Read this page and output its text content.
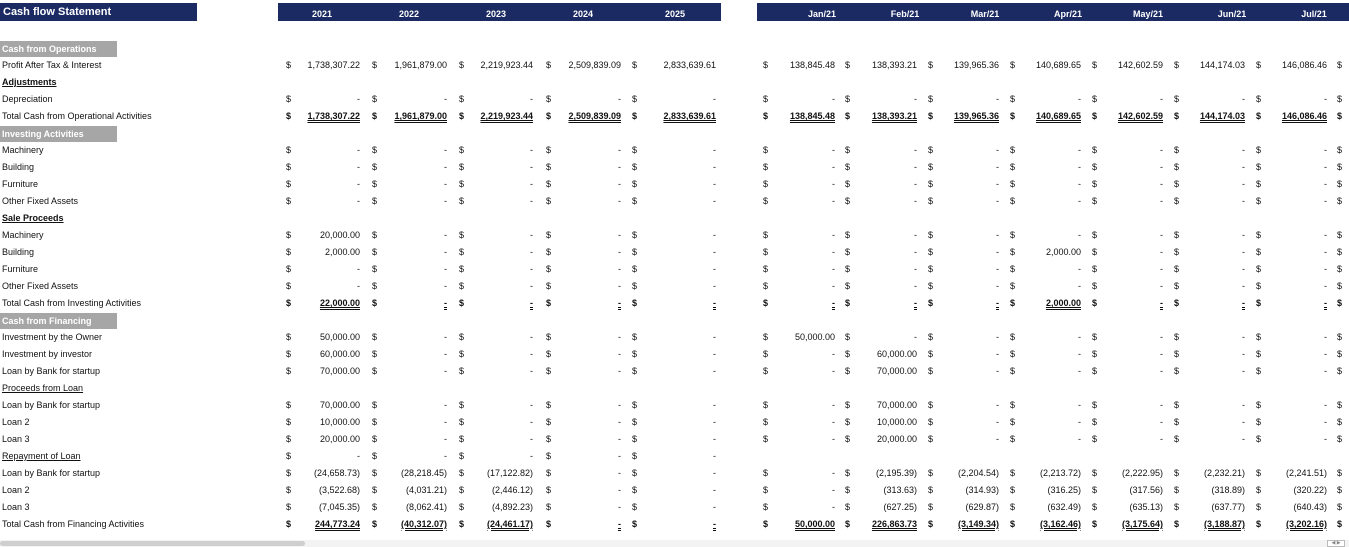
Cash flow Statement	2021	2022	2023	2024	2025	Jan/21	Feb/21	Mar/21	Apr/21	May/21	Jun/21	Jul/21
Cash from Operations
Profit After Tax & Interest	$	1,738,307.22 $	1,961,879.00 $	2,219,923.44 $	2,509,839.09 $	2,833,639.61	$	138,845.48 $	138,393.21 $	139,965.36 $	140,689.65 $	142,602.59 $	144,174.03 $	146,086.46 $
Adjustments
Depreciation	$	- $	- $	- $	- $	-	$	- $	- $	- $	- $	- $	- $	- $
Total Cash from Operational Activities	$	1,738,307.22 $	1,961,879.00 $	2,219,923.44 $	2,509,839.09 $	2,833,639.61	$	138,845.48 $	138,393.21 $	139,965.36 $	140,689.65 $	142,602.59 $	144,174.03 $	146,086.46 $
Investing Activities
Machinery	$	- $	- $	- $	- $	-	$	- $	- $	- $	- $	- $	- $	- $
Building	$	- $	- $	- $	- $	-	$	- $	- $	- $	- $	- $	- $	- $
Furniture	$	- $	- $	- $	- $	-	$	- $	- $	- $	- $	- $	- $	- $
Other Fixed Assets	$	- $	- $	- $	- $	-	$	- $	- $	- $	- $	- $	- $	- $
Sale Proceeds
Machinery	$	20,000.00 $	- $	- $	- $	-	$	- $	- $	- $	- $	- $	- $	- $
Building	$	2,000.00 $	- $	- $	- $	-	$	- $	- $	- $	2,000.00 $	- $	- $	- $
Furniture	$	- $	- $	- $	- $	-	$	- $	- $	- $	- $	- $	- $	- $
Other Fixed Assets	$	- $	- $	- $	- $	-	$	- $	- $	- $	- $	- $	- $	- $
Total Cash from Investing Activities	$	22,000.00 $	- $	- $	- $	-	$	- $	- $	- $	2,000.00 $	- $	- $	- $
Cash from Financing
Investment by the Owner	$	50,000.00 $	- $	- $	- $	-	$	50,000.00 $	- $	- $	- $	- $	- $	- $
Investment by investor	$	60,000.00 $	- $	- $	- $	-	$	- $	60,000.00 $	- $	- $	- $	- $	- $
Loan by Bank for startup	$	70,000.00 $	- $	- $	- $	-	$	- $	70,000.00 $	- $	- $	- $	- $	- $
Proceeds from Loan
Loan by Bank for startup	$	70,000.00 $	- $	- $	- $	-	$	- $	70,000.00 $	- $	- $	- $	- $	- $
Loan 2	$	10,000.00 $	- $	- $	- $	-	$	- $	10,000.00 $	- $	- $	- $	- $	- $
Loan 3	$	20,000.00 $	- $	- $	- $	-	$	- $	20,000.00 $	- $	- $	- $	- $	- $
Repayment of Loan	$	- $	- $	- $	- $	-
Loan by Bank for startup	$	(24,658.73) $	(28,218.45) $	(17,122.82) $	- $	-	$	- $	(2,195.39) $	(2,204.54) $	(2,213.72) $	(2,222.95) $	(2,232.21) $	(2,241.51) $
Loan 2	$	(3,522.68) $	(4,031.21) $	(2,446.12) $	- $	-	$	- $	(313.63) $	(314.93) $	(316.25) $	(317.56) $	(318.89) $	(320.22) $
Loan 3	$	(7,045.35) $	(8,062.41) $	(4,892.23) $	- $	-	$	- $	(627.25) $	(629.87) $	(632.49) $	(635.13) $	(637.77) $	(640.43) $
Total Cash from Financing Activities	$	244,773.24 $	(40,312.07) $	(24,461.17) $	- $	-	$	50,000.00 $	226,863.73 $	(3,149.34) $	(3,162.46) $	(3,175.64) $	(3,188.87) $	(3,202.16) $
◀ ▶
